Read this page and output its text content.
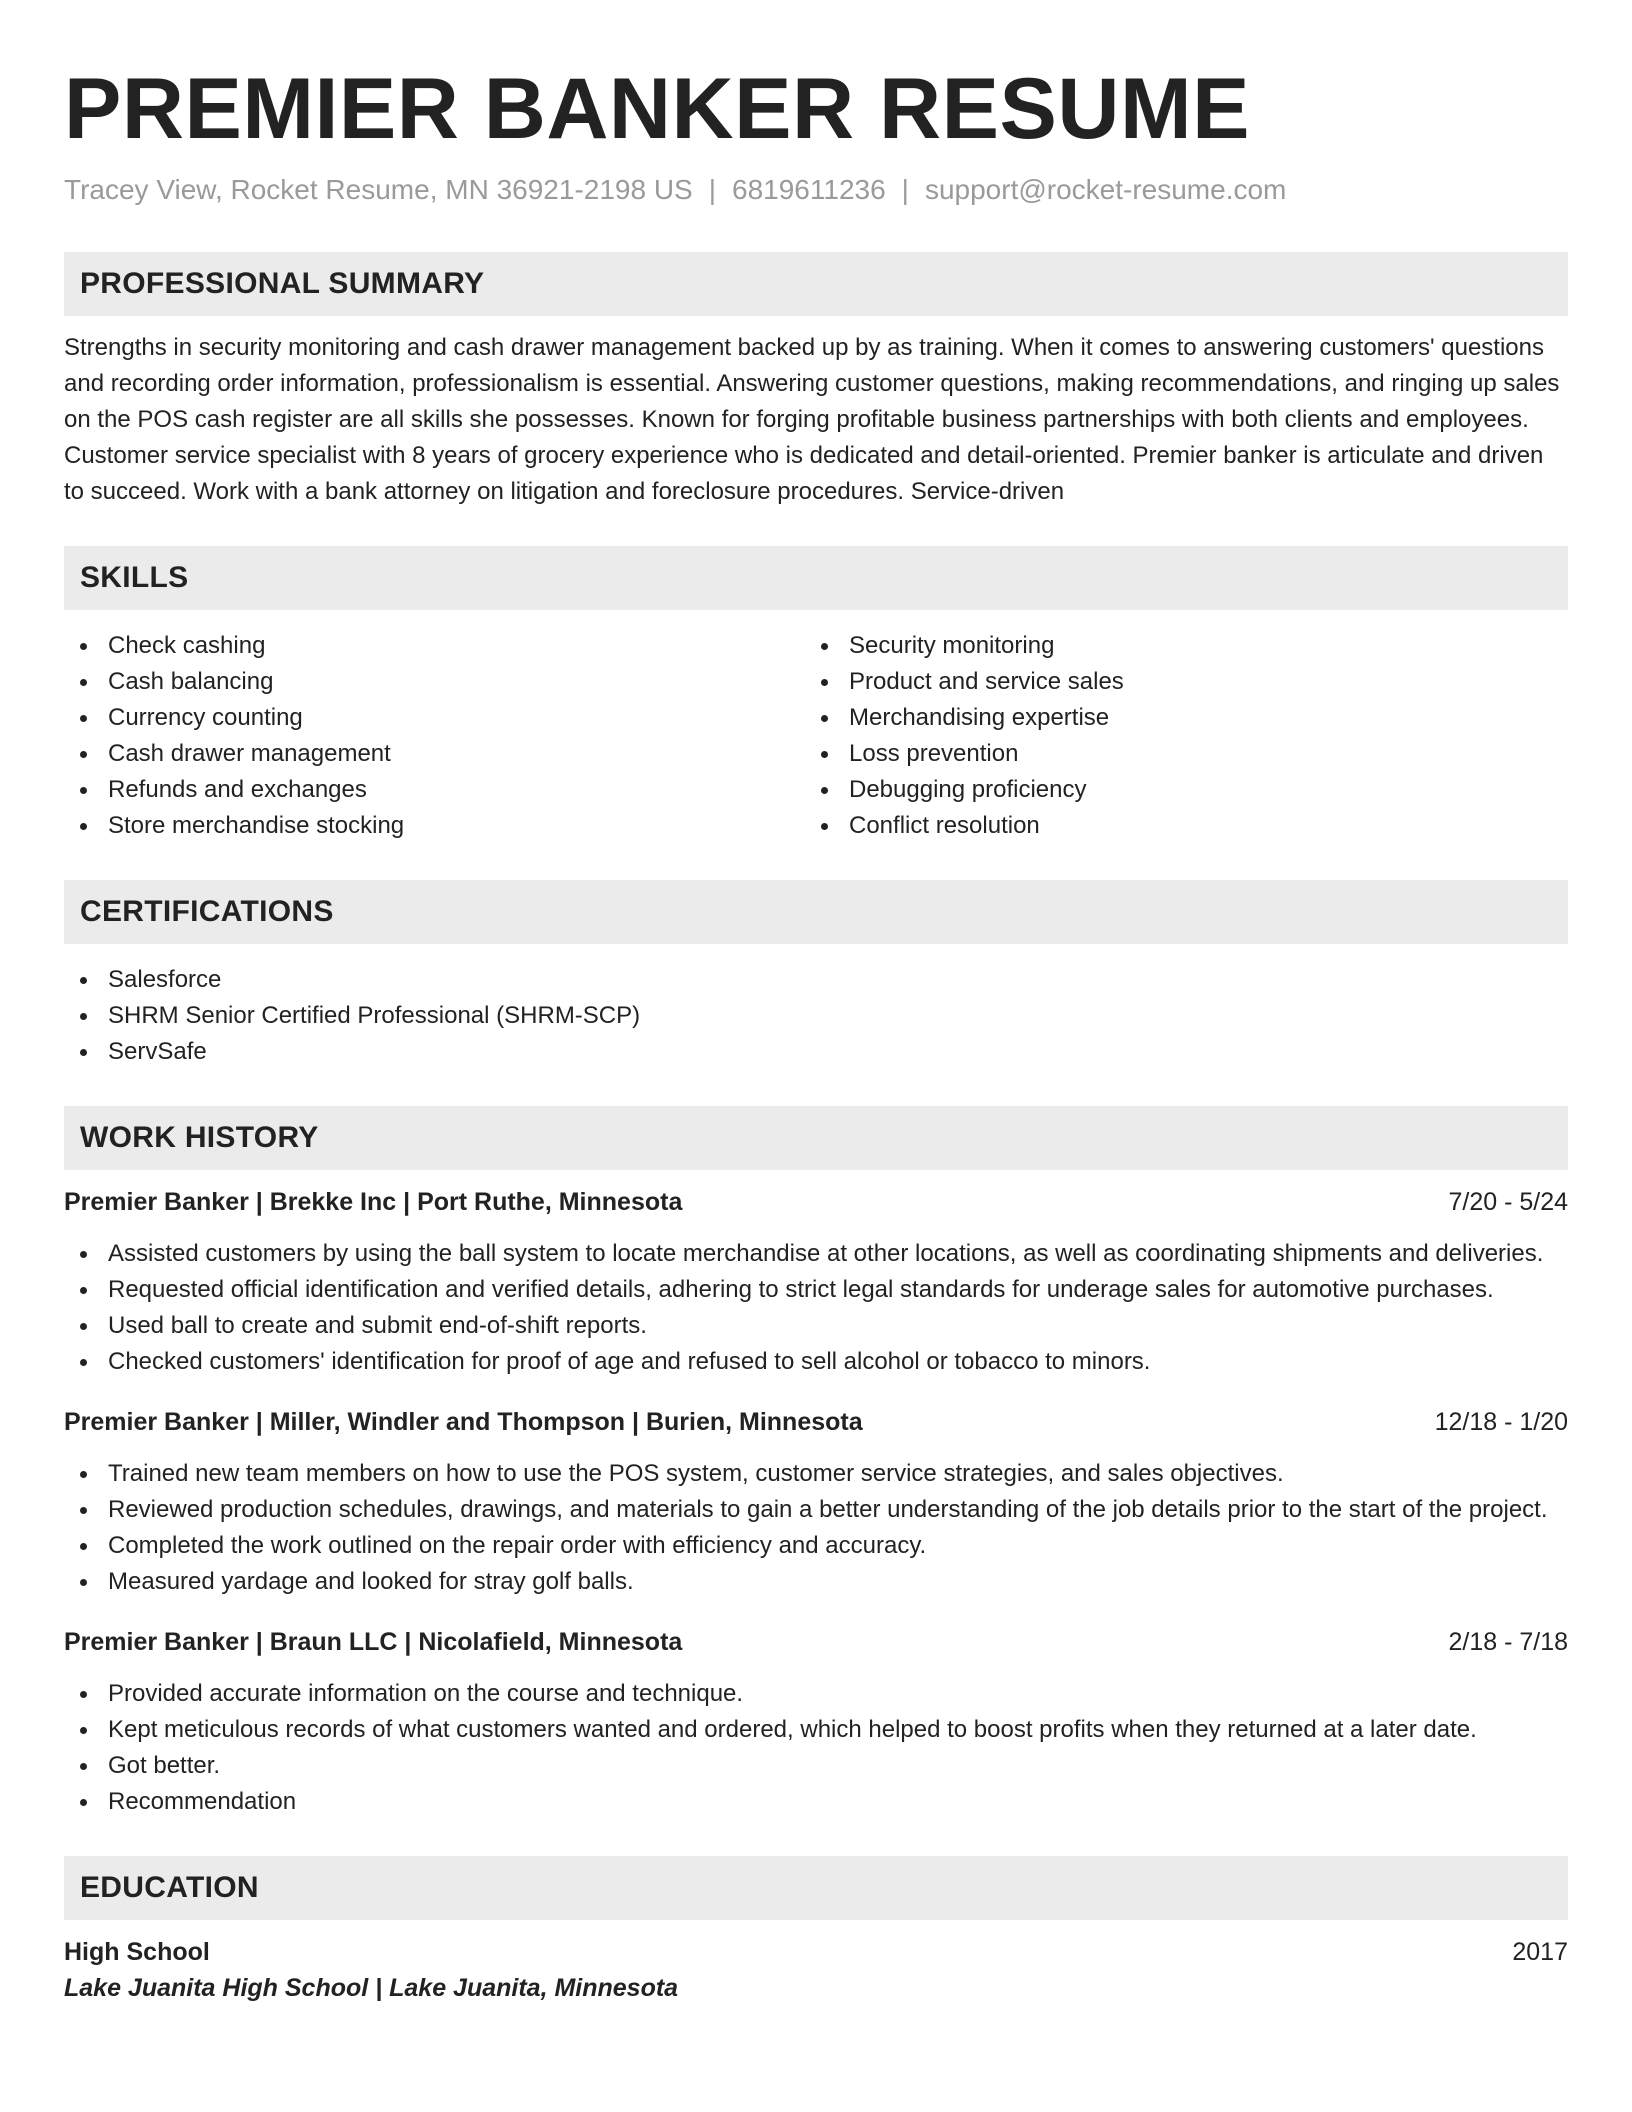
PREMIER BANKER RESUME
Tracey View, Rocket Resume, MN 36921-2198 US | 6819611236 | support@rocket-resume.com
PROFESSIONAL SUMMARY

Strengths in security monitoring and cash drawer management backed up by as training. When it comes to answering customers' questions and recording order information, professionalism is essential. Answering customer questions, making recommendations, and ringing up sales on the POS cash register are all skills she possesses. Known for forging profitable business partnerships with both clients and employees. Customer service specialist with 8 years of grocery experience who is dedicated and detail-oriented. Premier banker is articulate and driven to succeed. Work with a bank attorney on litigation and foreclosure procedures. Service-driven

SKILLS
Check cashing
Cash balancing
Currency counting
Cash drawer management
Refunds and exchanges
Store merchandise stocking
Security monitoring
Product and service sales
Merchandising expertise
Loss prevention
Debugging proficiency
Conflict resolution
CERTIFICATIONS
Salesforce
SHRM Senior Certified Professional (SHRM-SCP)
ServSafe
WORK HISTORY
Premier Banker | Brekke Inc | Port Ruthe, Minnesota	7/20 - 5/24
Assisted customers by using the ball system to locate merchandise at other locations, as well as coordinating shipments and deliveries.
Requested official identification and verified details, adhering to strict legal standards for underage sales for automotive purchases.
Used ball to create and submit end-of-shift reports.
Checked customers' identification for proof of age and refused to sell alcohol or tobacco to minors.
Premier Banker | Miller, Windler and Thompson | Burien, Minnesota	12/18 - 1/20
Trained new team members on how to use the POS system, customer service strategies, and sales objectives.
Reviewed production schedules, drawings, and materials to gain a better understanding of the job details prior to the start of the project.
Completed the work outlined on the repair order with efficiency and accuracy.
Measured yardage and looked for stray golf balls.
Premier Banker | Braun LLC | Nicolafield, Minnesota	2/18 - 7/18
Provided accurate information on the course and technique.
Kept meticulous records of what customers wanted and ordered, which helped to boost profits when they returned at a later date.
Got better.
Recommendation
EDUCATION
High School	2017
Lake Juanita High School | Lake Juanita, Minnesota
